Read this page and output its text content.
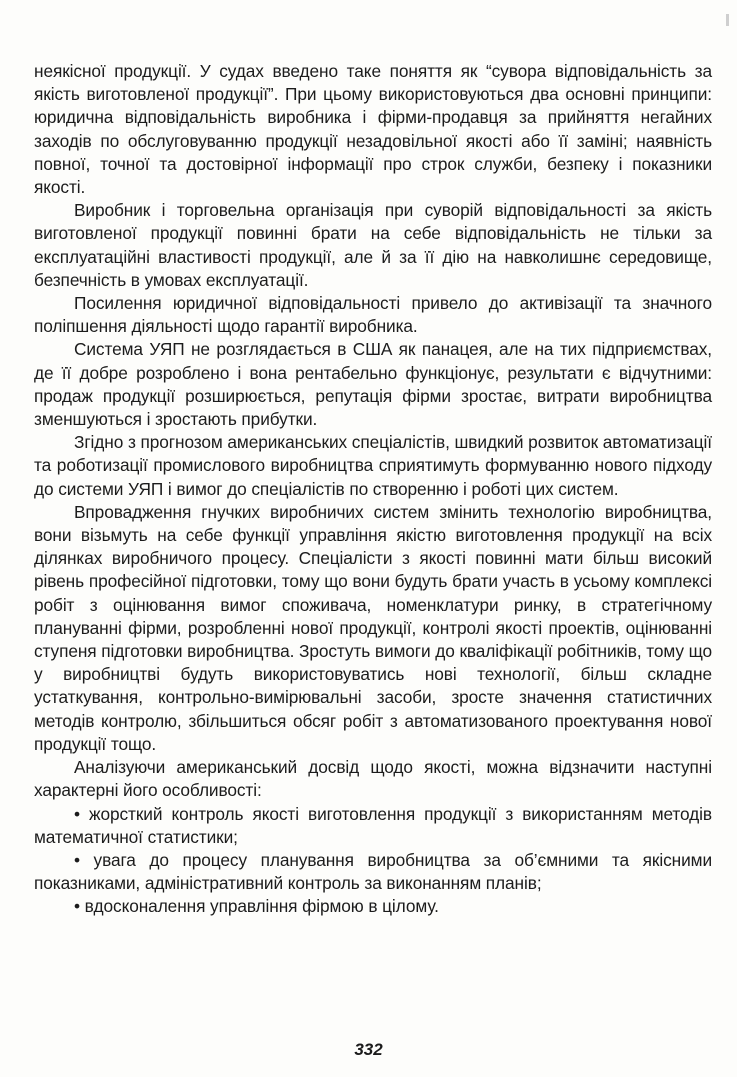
неякісної продукції. У судах введено таке поняття як “сувора відповідальність за якість виготовленої продукції”. При цьому використовуються два основні принципи: юридична відповідальність виробника і фірми-продавця за прийняття негайних заходів по обслуговуванню продукції незадовільної якості або її заміні; наявність повної, точної та достовірної інформації про строк служби, безпеку і показники якості.

Виробник і торговельна організація при суворій відповідальності за якість виготовленої продукції повинні брати на себе відповідальність не тільки за експлуатаційні властивості продукції, але й за її дію на навколишнє середовище, безпечність в умовах експлуатації.

Посилення юридичної відповідальності привело до активізації та значного поліпшення діяльності щодо гарантії виробника.

Система УЯП не розглядається в США як панацея, але на тих підприємствах, де її добре розроблено і вона рентабельно функціонує, результати є відчутними: продаж продукції розширюється, репутація фірми зростає, витрати виробництва зменшуються і зростають прибутки.

Згідно з прогнозом американських спеціалістів, швидкий розвиток автоматизації та роботизації промислового виробництва сприятимуть формуванню нового підходу до системи УЯП і вимог до спеціалістів по створенню і роботі цих систем.

Впровадження гнучких виробничих систем змінить технологію виробництва, вони візьмуть на себе функції управління якістю виготовлення продукції на всіх ділянках виробничого процесу. Спеціалісти з якості повинні мати більш високий рівень професійної підготовки, тому що вони будуть брати участь в усьому комплексі робіт з оцінювання вимог споживача, номенклатури ринку, в стратегічному плануванні фірми, розробленні нової продукції, контролі якості проектів, оцінюванні ступеня підготовки виробництва. Зростуть вимоги до кваліфікації робітників, тому що у виробництві будуть використовуватись нові технології, більш складне устаткування, контрольно-вимірювальні засоби, зросте значення статистичних методів контролю, збільшиться обсяг робіт з автоматизованого проектування нової продукції тощо.

Аналізуючи американський досвід щодо якості, можна відзначити наступні характерні його особливості:

• жорсткий контроль якості виготовлення продукції з використанням методів математичної статистики;

• увага до процесу планування виробництва за об’ємними та якісними показниками, адміністративний контроль за виконанням планів;

• вдосконалення управління фірмою в цілому.

332
